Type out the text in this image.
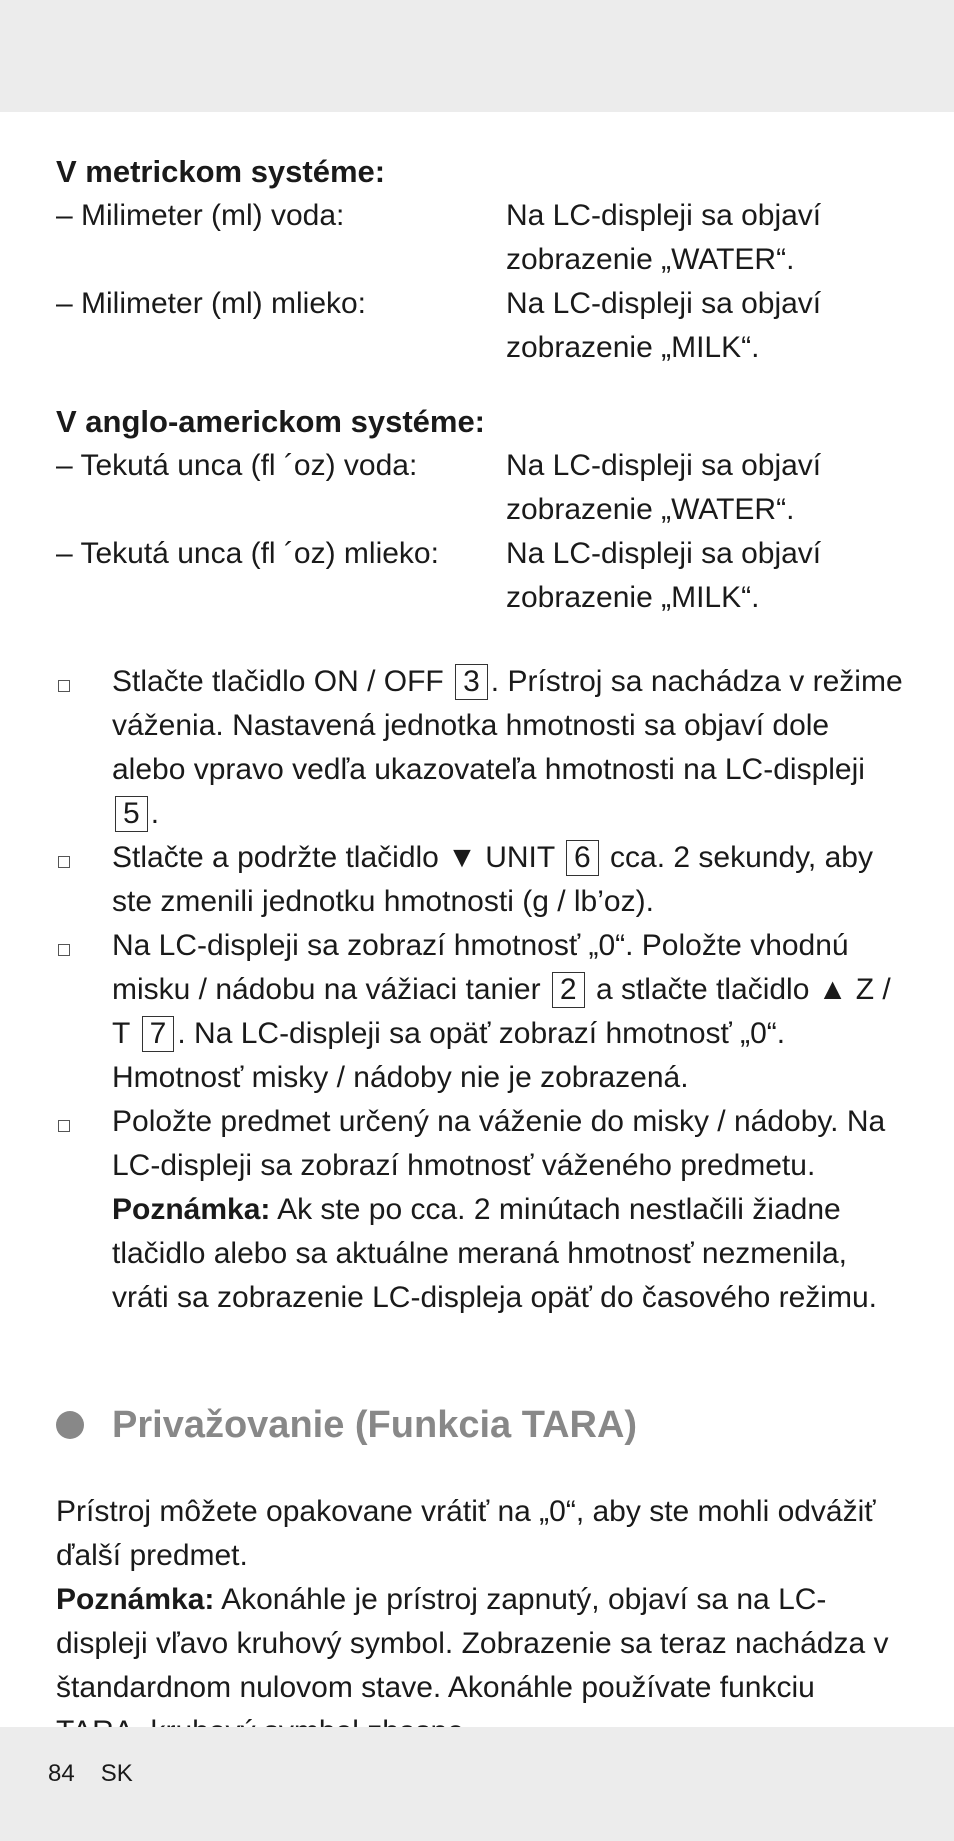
V metrickom systéme:
– Milimeter (ml) voda:	Na LC-displeji sa objaví
zobrazenie „WATER“.
– Milimeter (ml) mlieko:	Na LC-displeji sa objaví
zobrazenie „MILK“.
V anglo-americkom systéme:
– Tekutá unca (fl ´oz) voda:	Na LC-displeji sa objaví
zobrazenie „WATER“.
– Tekutá unca (fl ´oz) mlieko:	Na LC-displeji sa objaví
zobrazenie „MILK“.
Stlačte tlačidlo ON / OFF 3 . Prístroj sa nachádza v režime váženia. Nastavená jednotka hmotnosti sa objaví dole alebo vpravo vedľa ukazovateľa hmotnosti na LC-displeji 5 .
Stlačte a podržte tlačidlo ▼ UNIT 6 cca. 2 sekundy, aby ste zmenili jednotku hmotnosti (g / lb’oz).
Na LC-displeji sa zobrazí hmotnosť „0“. Položte vhodnú misku / nádobu na vážiaci tanier 2 a stlačte tlačidlo ▲ Z / T 7 . Na LC-displeji sa opäť zobrazí hmotnosť „0“. Hmotnosť misky / nádoby nie je zobrazená.
Položte predmet určený na váženie do misky / nádoby. Na LC-displeji sa zobrazí hmotnosť váženého predmetu.
Poznámka: Ak ste po cca. 2 minútach nestlačili žiadne tlačidlo alebo sa aktuálne meraná hmotnosť nezmenila, vráti sa zobrazenie LC-displeja opäť do časového režimu.
Privažovanie (Funkcia TARA)
Prístroj môžete opakovane vrátiť na „0“, aby ste mohli odvážiť ďalší predmet.
Poznámka: Akonáhle je prístroj zapnutý, objaví sa na LC-displeji vľavo kruhový symbol. Zobrazenie sa teraz nachádza v štandardnom nulovom stave. Akonáhle používate funkciu
84 SK
